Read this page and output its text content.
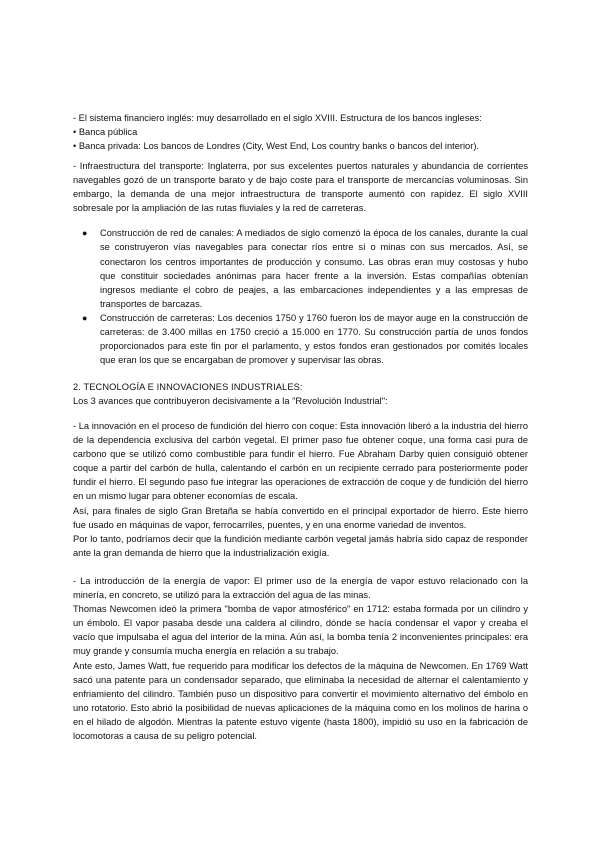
- El sistema financiero inglés: muy desarrollado en el siglo XVIII. Estructura de los bancos ingleses:

• Banca pública

• Banca privada: Los bancos de Londres (City, West End, Los country banks o bancos del interior).

- Infraestructura del transporte: Inglaterra, por sus excelentes puertos naturales y abundancia de corrientes navegables gozó de un transporte barato y de bajo coste para el transporte de mercancías voluminosas. Sin embargo, la demanda de una mejor infraestructura de transporte aumentó con rapidez. El siglo XVIII sobresale por la ampliación de las rutas fluviales y la red de carreteras.

● Construcción de red de canales: A mediados de siglo comenzó la época de los canales, durante la cual se construyeron vías navegables para conectar ríos entre sí o minas con sus mercados. Así, se conectaron los centros importantes de producción y consumo. Las obras eran muy costosas y hubo que constituir sociedades anónimas para hacer frente a la inversión. Estas compañías obtenían ingresos mediante el cobro de peajes, a las embarcaciones independientes y a las empresas de transportes de barcazas.
● Construcción de carreteras: Los decenios 1750 y 1760 fueron los de mayor auge en la construcción de carreteras: de 3.400 millas en 1750 creció a 15.000 en 1770. Su construcción partía de unos fondos proporcionados para este fin por el parlamento, y estos fondos eran gestionados por comités locales que eran los que se encargaban de promover y supervisar las obras.

2. TECNOLOGÍA E INNOVACIONES INDUSTRIALES:

Los 3 avances que contribuyeron decisivamente a la "Revolución Industrial":

- La innovación en el proceso de fundición del hierro con coque: Esta innovación liberó a la industria del hierro de la dependencia exclusiva del carbón vegetal. El primer paso fue obtener coque, una forma casi pura de carbono que se utilizó como combustible para fundir el hierro. Fue Abraham Darby quien consiguió obtener coque a partir del carbón de hulla, calentando el carbón en un recipiente cerrado para posteriormente poder fundir el hierro. El segundo paso fue integrar las operaciones de extracción de coque y de fundición del hierro en un mismo lugar para obtener economías de escala.

Así, para finales de siglo Gran Bretaña se había convertido en el principal exportador de hierro. Este hierro fue usado en máquinas de vapor, ferrocarriles, puentes, y en una enorme variedad de inventos.

Por lo tanto, podríamos decir que la fundición mediante carbón vegetal jamás habría sido capaz de responder ante la gran demanda de hierro que la industrialización exigía.

- La introducción de la energía de vapor: El primer uso de la energía de vapor estuvo relacionado con la minería, en concreto, se utilizó para la extracción del agua de las minas.

Thomas Newcomen ideó la primera "bomba de vapor atmosférico" en 1712: estaba formada por un cilindro y un émbolo. El vapor pasaba desde una caldera al cilindro, dónde se hacía condensar el vapor y creaba el vacío que impulsaba el agua del interior de la mina. Aún así, la bomba tenía 2 inconvenientes principales: era muy grande y consumía mucha energía en relación a su trabajo.

Ante esto, James Watt, fue requerido para modificar los defectos de la máquina de Newcomen. En 1769 Watt sacó una patente para un condensador separado, que eliminaba la necesidad de alternar el calentamiento y enfriamiento del cilindro. También puso un dispositivo para convertir el movimiento alternativo del émbolo en uno rotatorio. Esto abrió la posibilidad de nuevas aplicaciones de la máquina como en los molinos de harina o en el hilado de algodón. Mientras la patente estuvo vigente (hasta 1800), impidió su uso en la fabricación de locomotoras a causa de su peligro potencial.
